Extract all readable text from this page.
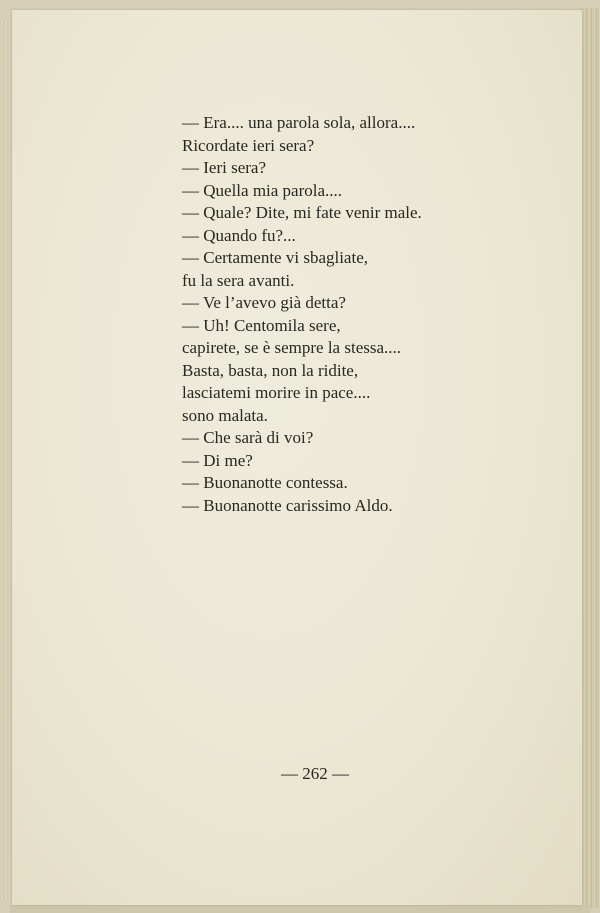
— Era.... una parola sola, allora....
Ricordate ieri sera?
— Ieri sera?
— Quella mia parola....
— Quale? Dite, mi fate venir male.
— Quando fu?...
— Certamente vi sbagliate,
fu la sera avanti.
— Ve l’avevo già detta?
— Uh! Centomila sere,
capirete, se è sempre la stessa....
Basta, basta, non la ridite,
lasciatemi morire in pace....
sono malata.
— Che sarà di voi?
— Di me?
— Buonanotte contessa.
— Buonanotte carissimo Aldo.
— 262 —
